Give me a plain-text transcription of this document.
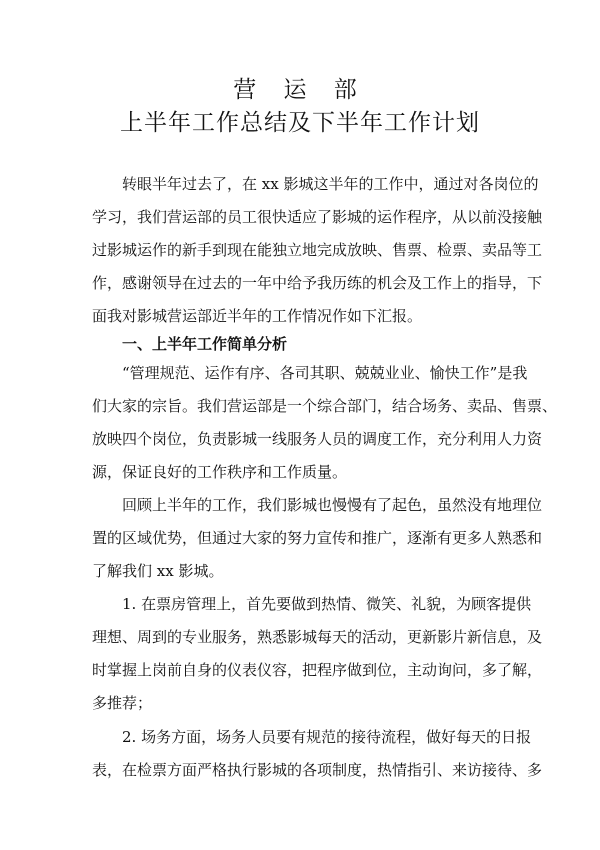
营 运 部
上半年工作总结及下半年工作计划
转眼半年过去了，在 xx 影城这半年的工作中，通过对各岗位的
学习，我们营运部的员工很快适应了影城的运作程序，从以前没接触
过影城运作的新手到现在能独立地完成放映、售票、检票、卖品等工
作，感谢领导在过去的一年中给予我历练的机会及工作上的指导，下
面我对影城营运部近半年的工作情况作如下汇报。
一、上半年工作简单分析
“管理规范、运作有序、各司其职、兢兢业业、愉快工作”是我
们大家的宗旨。我们营运部是一个综合部门，结合场务、卖品、售票、
放映四个岗位，负责影城一线服务人员的调度工作，充分利用人力资
源，保证良好的工作秩序和工作质量。
回顾上半年的工作，我们影城也慢慢有了起色，虽然没有地理位
置的区域优势，但通过大家的努力宣传和推广，逐渐有更多人熟悉和
了解我们 xx 影城。
1. 在票房管理上，首先要做到热情、微笑、礼貌，为顾客提供
理想、周到的专业服务，熟悉影城每天的活动，更新影片新信息，及
时掌握上岗前自身的仪表仪容，把程序做到位，主动询问，多了解，
多推荐；
2. 场务方面，场务人员要有规范的接待流程，做好每天的日报
表，在检票方面严格执行影城的各项制度，热情指引、来访接待、多
